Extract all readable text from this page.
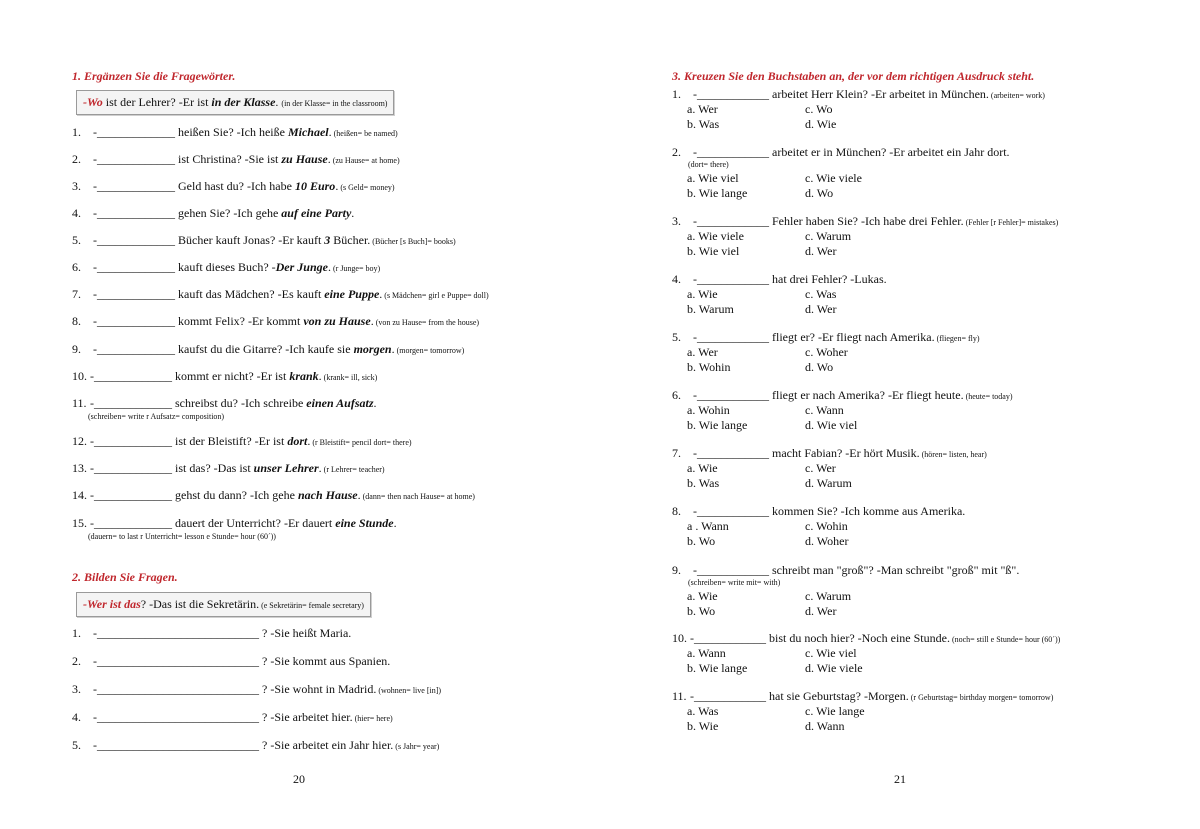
1. Ergänzen Sie die Fragewörter.
-Wo ist der Lehrer? -Er ist in der Klasse. (in der Klasse= in the classroom)
1. -_____________ heißen Sie? -Ich heiße Michael. (heißen= be named)
2. -_____________ ist Christina? -Sie ist zu Hause. (zu Hause= at home)
3. -_____________ Geld hast du? -Ich habe 10 Euro. (s Geld= money)
4. -_____________ gehen Sie? -Ich gehe auf eine Party.
5. -_____________ Bücher kauft Jonas? -Er kauft 3 Bücher. (Bücher [s Buch]= books)
6. -_____________ kauft dieses Buch? -Der Junge. (r Junge= boy)
7. -_____________ kauft das Mädchen? -Es kauft eine Puppe. (s Mädchen= girl e Puppe= doll)
8. -_____________ kommt Felix? -Er kommt von zu Hause. (von zu Hause= from the house)
9. -_____________ kaufst du die Gitarre? -Ich kaufe sie morgen. (morgen= tomorrow)
10. -_____________ kommt er nicht? -Er ist krank. (krank= ill, sick)
11. -_____________ schreibst du? -Ich schreibe einen Aufsatz.
(schreiben= write r Aufsatz= composition)
12. -_____________ ist der Bleistift? -Er ist dort. (r Bleistift= pencil dort= there)
13. -_____________ ist das? -Das ist unser Lehrer. (r Lehrer= teacher)
14. -_____________ gehst du dann? -Ich gehe nach Hause. (dann= then nach Hause= at home)
15. -_____________ dauert der Unterricht? -Er dauert eine Stunde.
(dauern= to last r Unterricht= lesson e Stunde= hour (60´))
2. Bilden Sie Fragen.
-Wer ist das? -Das ist die Sekretärin. (e Sekretärin= female secretary)
1. -___________________________ ? -Sie heißt Maria.
2. -___________________________ ? -Sie kommt aus Spanien.
3. -___________________________ ? -Sie wohnt in Madrid. (wohnen= live [in])
4. -___________________________ ? -Sie arbeitet hier. (hier= here)
5. -___________________________ ? -Sie arbeitet ein Jahr hier. (s Jahr= year)
20
3. Kreuzen Sie den Buchstaben an, der vor dem richtigen Ausdruck steht.
1. -____________ arbeitet Herr Klein? -Er arbeitet in München. (arbeiten= work)
a. Wer	c. Wo
b. Was	d. Wie
2. -____________ arbeitet er in München? -Er arbeitet ein Jahr dort.
(dort= there)
a. Wie viel	c. Wie viele
b. Wie lange	d. Wo
3. -____________ Fehler haben Sie? -Ich habe drei Fehler. (Fehler [r Fehler]= mistakes)
a. Wie viele	c. Warum
b. Wie viel	d. Wer
4. -____________ hat drei Fehler? -Lukas.
a. Wie	c. Was
b. Warum	d. Wer
5. -____________ fliegt er? -Er fliegt nach Amerika. (fliegen= fly)
a. Wer	c. Woher
b. Wohin	d. Wo
6. -____________ fliegt er nach Amerika? -Er fliegt heute. (heute= today)
a. Wohin	c. Wann
b. Wie lange	d. Wie viel
7. -____________ macht Fabian? -Er hört Musik. (hören= listen, hear)
a. Wie	c. Wer
b. Was	d. Warum
8. -____________ kommen Sie? -Ich komme aus Amerika.
a . Wann	c. Wohin
b. Wo	d. Woher
9. -____________ schreibt man "groß"? -Man schreibt "groß" mit "ß".
(schreiben= write mit= with)
a. Wie	c. Warum
b. Wo	d. Wer
10. -____________ bist du noch hier? -Noch eine Stunde. (noch= still e Stunde= hour (60´))
a. Wann	c. Wie viel
b. Wie lange	d. Wie viele
11. -____________ hat sie Geburtstag? -Morgen. (r Geburtstag= birthday morgen= tomorrow)
a. Was	c. Wie lange
b. Wie	d. Wann
21
